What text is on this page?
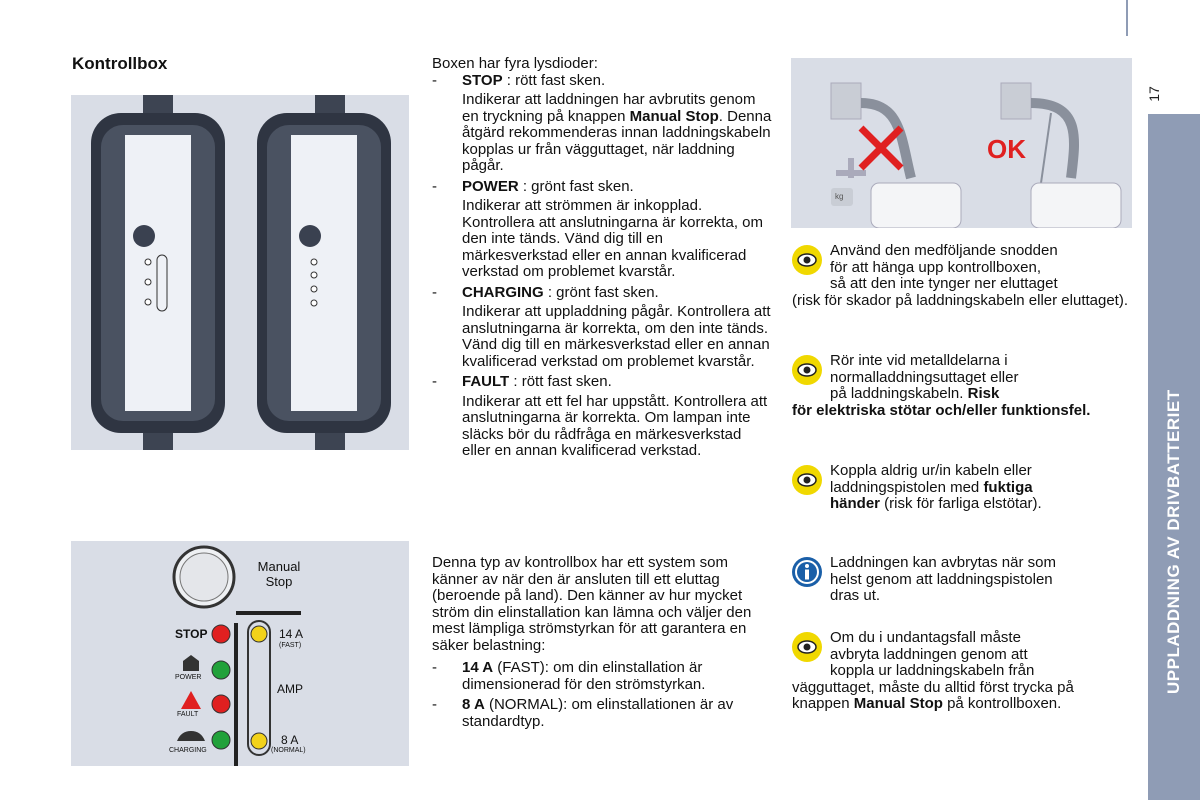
17
UPPLADDNING AV DRIVBATTERIET
Kontrollbox
Manual Stop
STOP
POWER
FAULT
CHARGING
14 A
(FAST)
AMP
8 A
(NORMAL)
Boxen har fyra lysdioder:
- STOP : rött fast sken.
Indikerar att laddningen har avbrutits genom en tryckning på knappen Manual Stop. Denna åtgärd rekommenderas innan laddningskabeln kopplas ur från vägguttaget, när laddning pågår.
- POWER : grönt fast sken.
Indikerar att strömmen är inkopplad. Kontrollera att anslutningarna är korrekta, om den inte tänds. Vänd dig till en märkesverkstad eller en annan kvalificerad verkstad om problemet kvarstår.
- CHARGING : grönt fast sken.
Indikerar att uppladdning pågår. Kontrollera att anslutningarna är korrekta, om den inte tänds. Vänd dig till en märkesverkstad eller en annan kvalificerad verkstad om problemet kvarstår.
- FAULT : rött fast sken.
Indikerar att ett fel har uppstått. Kontrollera att anslutningarna är korrekta. Om lampan inte släcks bör du rådfråga en märkesverkstad eller en annan kvalificerad verkstad.
Denna typ av kontrollbox har ett system som känner av när den är ansluten till ett eluttag (beroende på land). Den känner av hur mycket ström din elinstallation kan lämna och väljer den mest lämpliga strömstyrkan för att garantera en säker belastning:
- 14 A (FAST): om din elinstallation är dimensionerad för den strömstyrkan.
- 8 A (NORMAL): om elinstallationen är av standardtyp.
OK
kg
Använd den medföljande snodden
för att hänga upp kontrollboxen,
så att den inte tynger ner eluttaget
(risk för skador på laddningskabeln eller eluttaget).
Rör inte vid metalldelarna i
normalladdningsuttaget eller
på laddningskabeln. Risk
för elektriska stötar och/eller funktionsfel.
Koppla aldrig ur/in kabeln eller
laddningspistolen med fuktiga
händer (risk för farliga elstötar).
Laddningen kan avbrytas när som
helst genom att laddningspistolen
dras ut.
Om du i undantagsfall måste
avbryta laddningen genom att
koppla ur laddningskabeln från
vägguttaget, måste du alltid först trycka på knappen Manual Stop på kontrollboxen.
